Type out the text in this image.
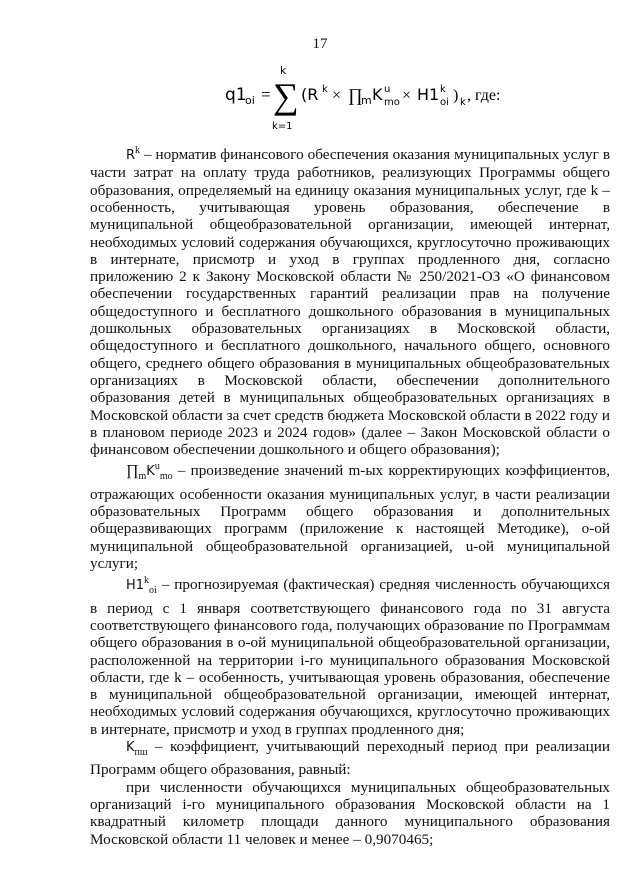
17
q1
oi =
k
∑
k=1
(R k × ∏
m K u
mo × H1 k
oi ) k , где:

$R^k$ – норматив финансового обеспечения оказания муниципальных услуг в части затрат на оплату труда работников, реализующих Программы общего образования, определяемый на единицу оказания муниципальных услуг, где k – особенность, учитывающая уровень образования, обеспечение в муниципальной общеобразовательной организации, имеющей интернат, необходимых условий содержания обучающихся, круглосуточно проживающих в интернате, присмотр и уход в группах продленного дня, согласно приложению 2 к Закону Московской области № 250/2021-ОЗ «О финансовом обеспечении государственных гарантий реализации прав на получение общедоступного и бесплатного дошкольного образования в муниципальных дошкольных образовательных организациях в Московской области, общедоступного и бесплатного дошкольного, начального общего, основного общего, среднего общего образования в муниципальных общеобразовательных организациях в Московской области, обеспечении дополнительного образования детей в муниципальных общеобразовательных организациях в Московской области за счет средств бюджета Московской области в 2022 году и в плановом периоде 2023 и 2024 годов» (далее – Закон Московской области о финансовом обеспечении дошкольного и общего образования);

$\prod_mK^u_{mo}$ – произведение значений m-ых корректирующих коэффициентов, отражающих особенности оказания муниципальных услуг, в части реализации образовательных Программ общего образования и дополнительных общеразвивающих программ (приложение к настоящей Методике), o-ой муниципальной общеобразовательной организацией, u-ой муниципальной услуги;

$H1^k_{oi}$ – прогнозируемая (фактическая) средняя численность обучающихся в период с 1 января соответствующего финансового года по 31 августа соответствующего финансового года, получающих образование по Программам общего образования в o-ой муниципальной общеобразовательной организации, расположенной на территории i-го муниципального образования Московской области, где k – особенность, учитывающая уровень образования, обеспечение в муниципальной общеобразовательной организации, имеющей интернат, необходимых условий содержания обучающихся, круглосуточно проживающих в интернате, присмотр и уход в группах продленного дня;

$K_{пш}$ – коэффициент, учитывающий переходный период при реализации Программ общего образования, равный:

при численности обучающихся муниципальных общеобразовательных организаций i-го муниципального образования Московской области на 1 квадратный километр площади данного муниципального образования Московской области 11 человек и менее – 0,9070465;
